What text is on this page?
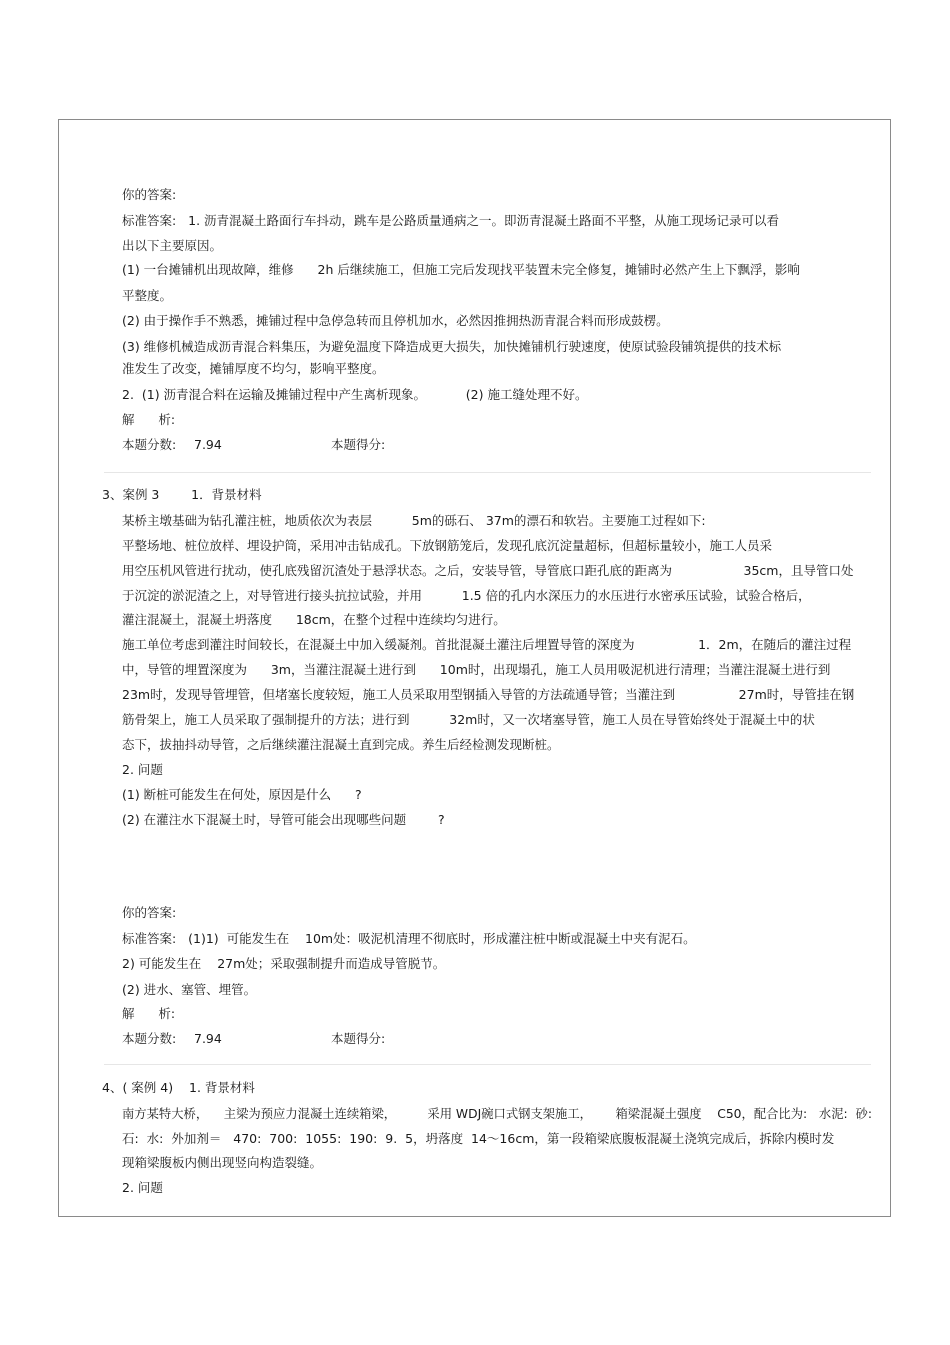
你的答案:

标准答案:   1. 沥青混凝土路面行车抖动，跳车是公路质量通病之一。即沥青混凝土路面不平整，从施工现场记录可以看

出以下主要原因。

(1) 一台摊铺机出现故障，维修      2h 后继续施工，但施工完后发现找平装置未完全修复，摊铺时必然产生上下飘浮，影响

平整度。

(2) 由于操作手不熟悉，摊铺过程中急停急转而且停机加水，必然因推拥热沥青混合料而形成鼓楞。

(3) 维修机械造成沥青混合料集压，为避免温度下降造成更大损失，加快摊铺机行驶速度，使原试验段铺筑提供的技术标

准发生了改变，摊铺厚度不均匀，影响平整度。

2.  (1) 沥青混合料在运输及摊铺过程中产生离析现象。          (2) 施工缝处理不好。

解      析:

本题分数: 7.94	本题得分:

3、案例 3        1．背景材料

某桥主墩基础为钻孔灌注桩，地质依次为表层          5m的砾石、 37m的漂石和软岩。主要施工过程如下:

平整场地、桩位放样、埋设护筒，采用冲击钻成孔。下放钢筋笼后，发现孔底沉淀量超标，但超标量较小，施工人员采

用空压机风管进行扰动，使孔底残留沉渣处于悬浮状态。之后，安装导管，导管底口距孔底的距离为                  35cm，且导管口处

于沉淀的淤泥渣之上，对导管进行接头抗拉试验，并用          1.5 倍的孔内水深压力的水压进行水密承压试验，试验合格后，

灌注混凝土，混凝土坍落度      18cm，在整个过程中连续均匀进行。

施工单位考虑到灌注时间较长，在混凝土中加入缓凝剂。首批混凝土灌注后埋置导管的深度为                1．2m，在随后的灌注过程

中，导管的埋置深度为      3m，当灌注混凝土进行到      10m时，出现塌孔，施工人员用吸泥机进行清理；当灌注混凝土进行到

23m时，发现导管埋管，但堵塞长度较短，施工人员采取用型钢插入导管的方法疏通导管；当灌注到                27m时，导管挂在钢

筋骨架上，施工人员采取了强制提升的方法；进行到          32m时，又一次堵塞导管，施工人员在导管始终处于混凝土中的状

态下，拔抽抖动导管，之后继续灌注混凝土直到完成。养生后经检测发现断桩。

2. 问题

(1) 断桩可能发生在何处，原因是什么      ?

(2) 在灌注水下混凝土时，导管可能会出现哪些问题        ?

你的答案:

标准答案:   (1)1)  可能发生在    10m处：吸泥机清理不彻底时，形成灌注桩中断或混凝土中夹有泥石。

2) 可能发生在    27m处；采取强制提升而造成导管脱节。

(2) 进水、塞管、埋管。

解      析:

本题分数: 7.94	本题得分:

4、( 案例 4)    1. 背景材料

南方某特大桥，    主梁为预应力混凝土连续箱梁，        采用 WDJ碗口式钢支架施工，      箱梁混凝土强度    C50，配合比为:   水泥:  砂:

石:  水:  外加剂＝   470:  700:  1055:  190:  9.  5，坍落度  14～16cm，第一段箱梁底腹板混凝土浇筑完成后，拆除内模时发

现箱梁腹板内侧出现竖向构造裂缝。

2. 问题
